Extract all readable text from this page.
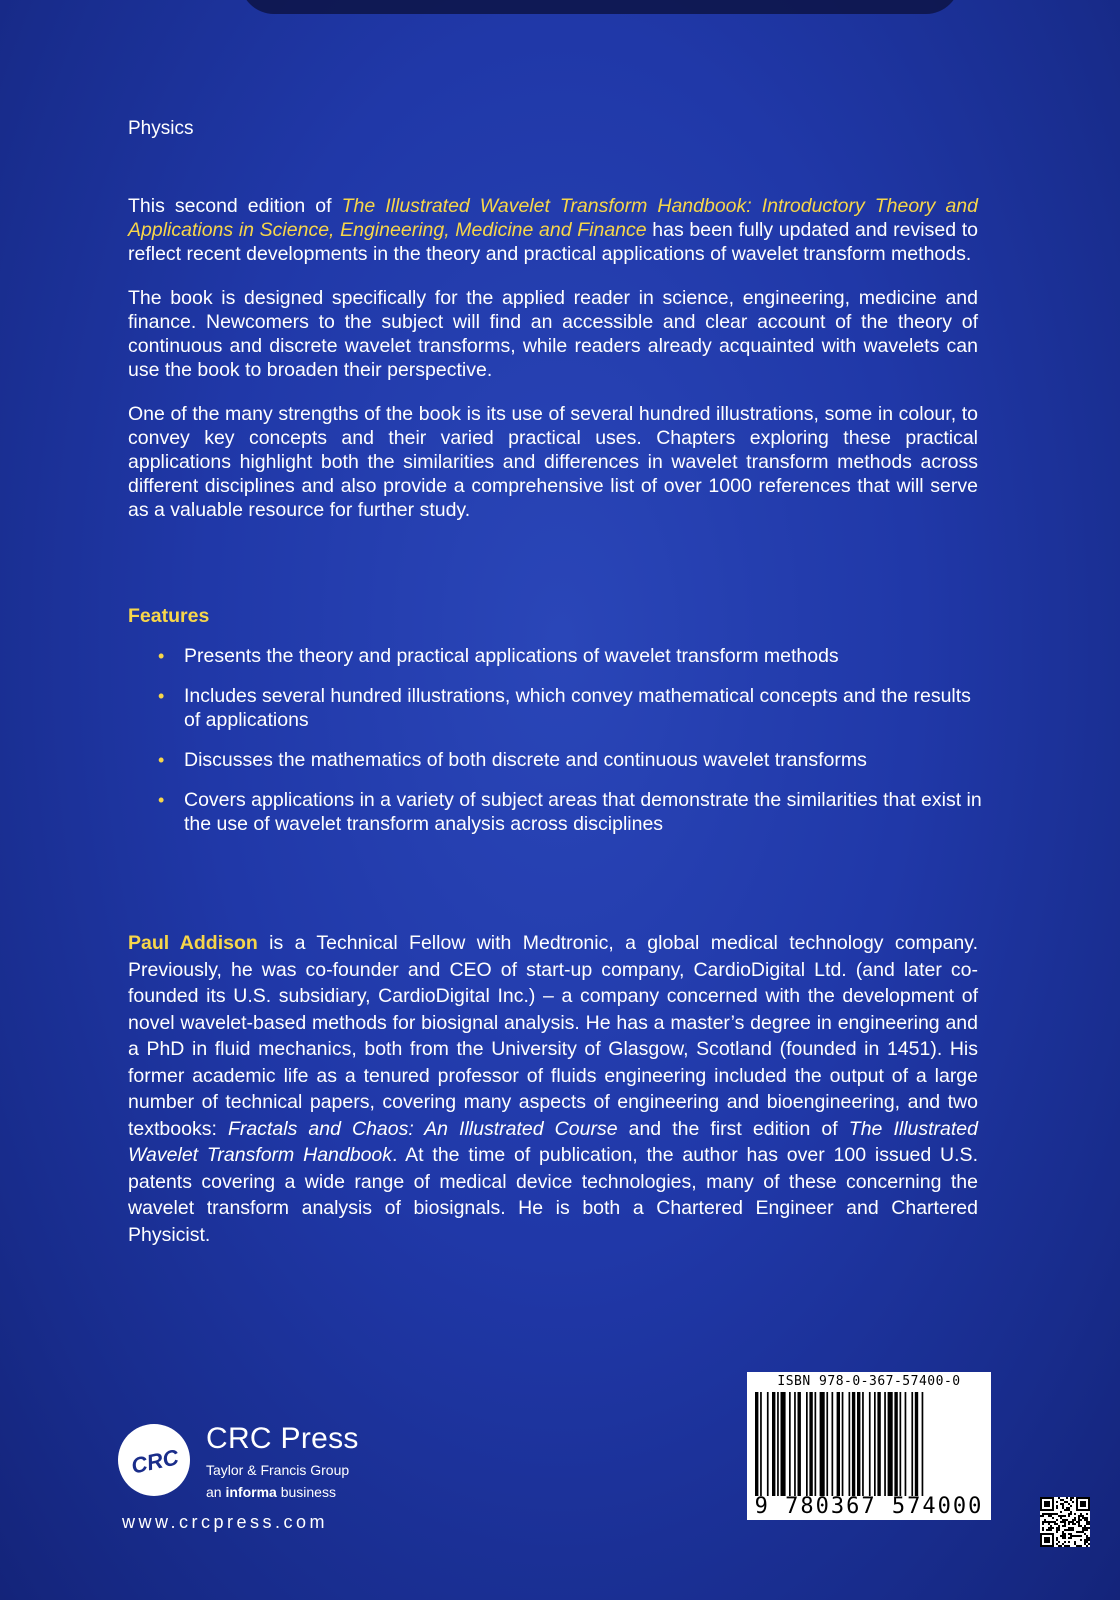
Physics

This second edition of The Illustrated Wavelet Transform Handbook: Introductory Theory and Applications in Science, Engineering, Medicine and Finance has been fully updated and revised to reflect recent developments in the theory and practical applications of wavelet transform methods.

The book is designed specifically for the applied reader in science, engineering, medicine and finance. Newcomers to the subject will find an accessible and clear account of the theory of continuous and discrete wavelet transforms, while readers already acquainted with wavelets can use the book to broaden their perspective.

One of the many strengths of the book is its use of several hundred illustrations, some in colour, to convey key concepts and their varied practical uses. Chapters exploring these practical applications highlight both the similarities and differences in wavelet transform methods across different disciplines and also provide a comprehensive list of over 1000 references that will serve as a valuable resource for further study.

Features
• Presents the theory and practical applications of wavelet transform methods
• Includes several hundred illustrations, which convey mathematical concepts and the results of applications
• Discusses the mathematics of both discrete and continuous wavelet transforms
• Covers applications in a variety of subject areas that demonstrate the similarities that exist in the use of wavelet transform analysis across disciplines
Paul Addison is a Technical Fellow with Medtronic, a global medical technology company. Previously, he was co-founder and CEO of start-up company, CardioDigital Ltd. (and later co-founded its U.S. subsidiary, CardioDigital Inc.) – a company concerned with the development of novel wavelet-based methods for biosignal analysis. He has a master’s degree in engineering and a PhD in fluid mechanics, both from the University of Glasgow, Scotland (founded in 1451). His former academic life as a tenured professor of fluids engineering included the output of a large number of technical papers, covering many aspects of engineering and bioengineering, and two textbooks: Fractals and Chaos: An Illustrated Course and the first edition of The Illustrated Wavelet Transform Handbook. At the time of publication, the author has over 100 issued U.S. patents covering a wide range of medical device technologies, many of these concerning the wavelet transform analysis of biosignals. He is both a Chartered Engineer and Chartered Physicist.
CRC
CRC Press
Taylor & Francis Group
an informa business
www.crcpress.com
ISBN 978-0-367-57400-0
9 780367 574000
